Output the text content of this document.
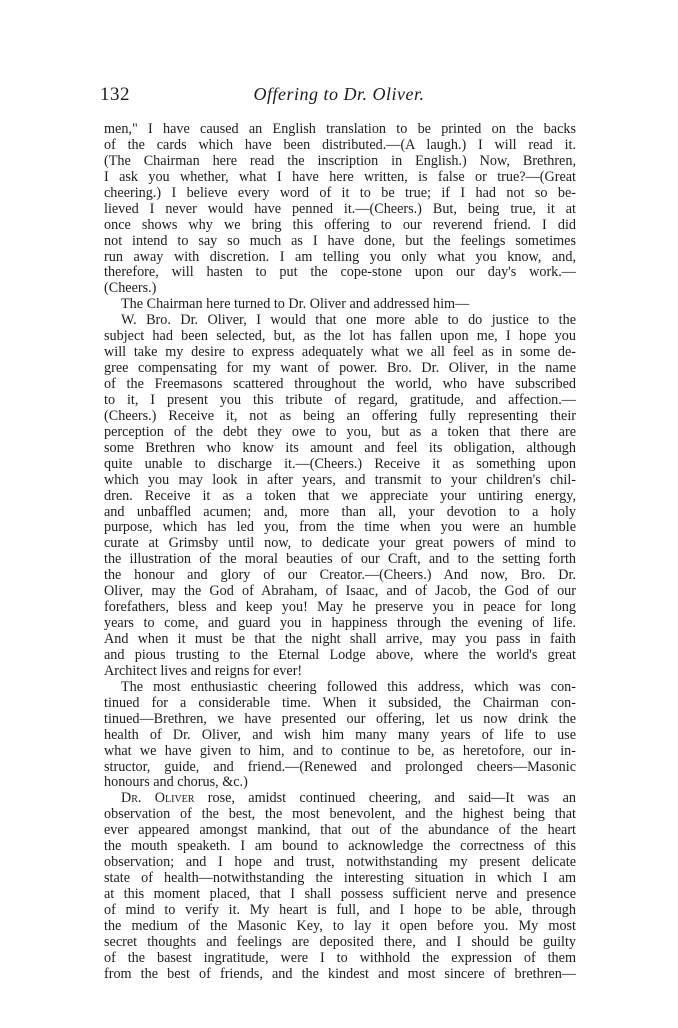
132	Offering to Dr. Oliver.
men," I have caused an English translation to be printed on the backs
of the cards which have been distributed.—(A laugh.) I will read it.
(The Chairman here read the inscription in English.) Now, Brethren,
I ask you whether, what I have here written, is false or true?—(Great
cheering.) I believe every word of it to be true; if I had not so be-
lieved I never would have penned it.—(Cheers.) But, being true, it at
once shows why we bring this offering to our reverend friend. I did
not intend to say so much as I have done, but the feelings sometimes
run away with discretion. I am telling you only what you know, and,
therefore, will hasten to put the cope-stone upon our day's work.—
(Cheers.)
The Chairman here turned to Dr. Oliver and addressed him—
W. Bro. Dr. Oliver, I would that one more able to do justice to the
subject had been selected, but, as the lot has fallen upon me, I hope you
will take my desire to express adequately what we all feel as in some de-
gree compensating for my want of power. Bro. Dr. Oliver, in the name
of the Freemasons scattered throughout the world, who have subscribed
to it, I present you this tribute of regard, gratitude, and affection.—
(Cheers.) Receive it, not as being an offering fully representing their
perception of the debt they owe to you, but as a token that there are
some Brethren who know its amount and feel its obligation, although
quite unable to discharge it.—(Cheers.) Receive it as something upon
which you may look in after years, and transmit to your children's chil-
dren. Receive it as a token that we appreciate your untiring energy,
and unbaffled acumen; and, more than all, your devotion to a holy
purpose, which has led you, from the time when you were an humble
curate at Grimsby until now, to dedicate your great powers of mind to
the illustration of the moral beauties of our Craft, and to the setting forth
the honour and glory of our Creator.—(Cheers.) And now, Bro. Dr.
Oliver, may the God of Abraham, of Isaac, and of Jacob, the God of our
forefathers, bless and keep you! May he preserve you in peace for long
years to come, and guard you in happiness through the evening of life.
And when it must be that the night shall arrive, may you pass in faith
and pious trusting to the Eternal Lodge above, where the world's great
Architect lives and reigns for ever!
The most enthusiastic cheering followed this address, which was con-
tinued for a considerable time. When it subsided, the Chairman con-
tinued—Brethren, we have presented our offering, let us now drink the
health of Dr. Oliver, and wish him many many years of life to use
what we have given to him, and to continue to be, as heretofore, our in-
structor, guide, and friend.—(Renewed and prolonged cheers—Masonic
honours and chorus, &c.)
Dr. Oliver rose, amidst continued cheering, and said—It was an
observation of the best, the most benevolent, and the highest being that
ever appeared amongst mankind, that out of the abundance of the heart
the mouth speaketh. I am bound to acknowledge the correctness of this
observation; and I hope and trust, notwithstanding my present delicate
state of health—notwithstanding the interesting situation in which I am
at this moment placed, that I shall possess sufficient nerve and presence
of mind to verify it. My heart is full, and I hope to be able, through
the medium of the Masonic Key, to lay it open before you. My most
secret thoughts and feelings are deposited there, and I should be guilty
of the basest ingratitude, were I to withhold the expression of them
from the best of friends, and the kindest and most sincere of brethren—
